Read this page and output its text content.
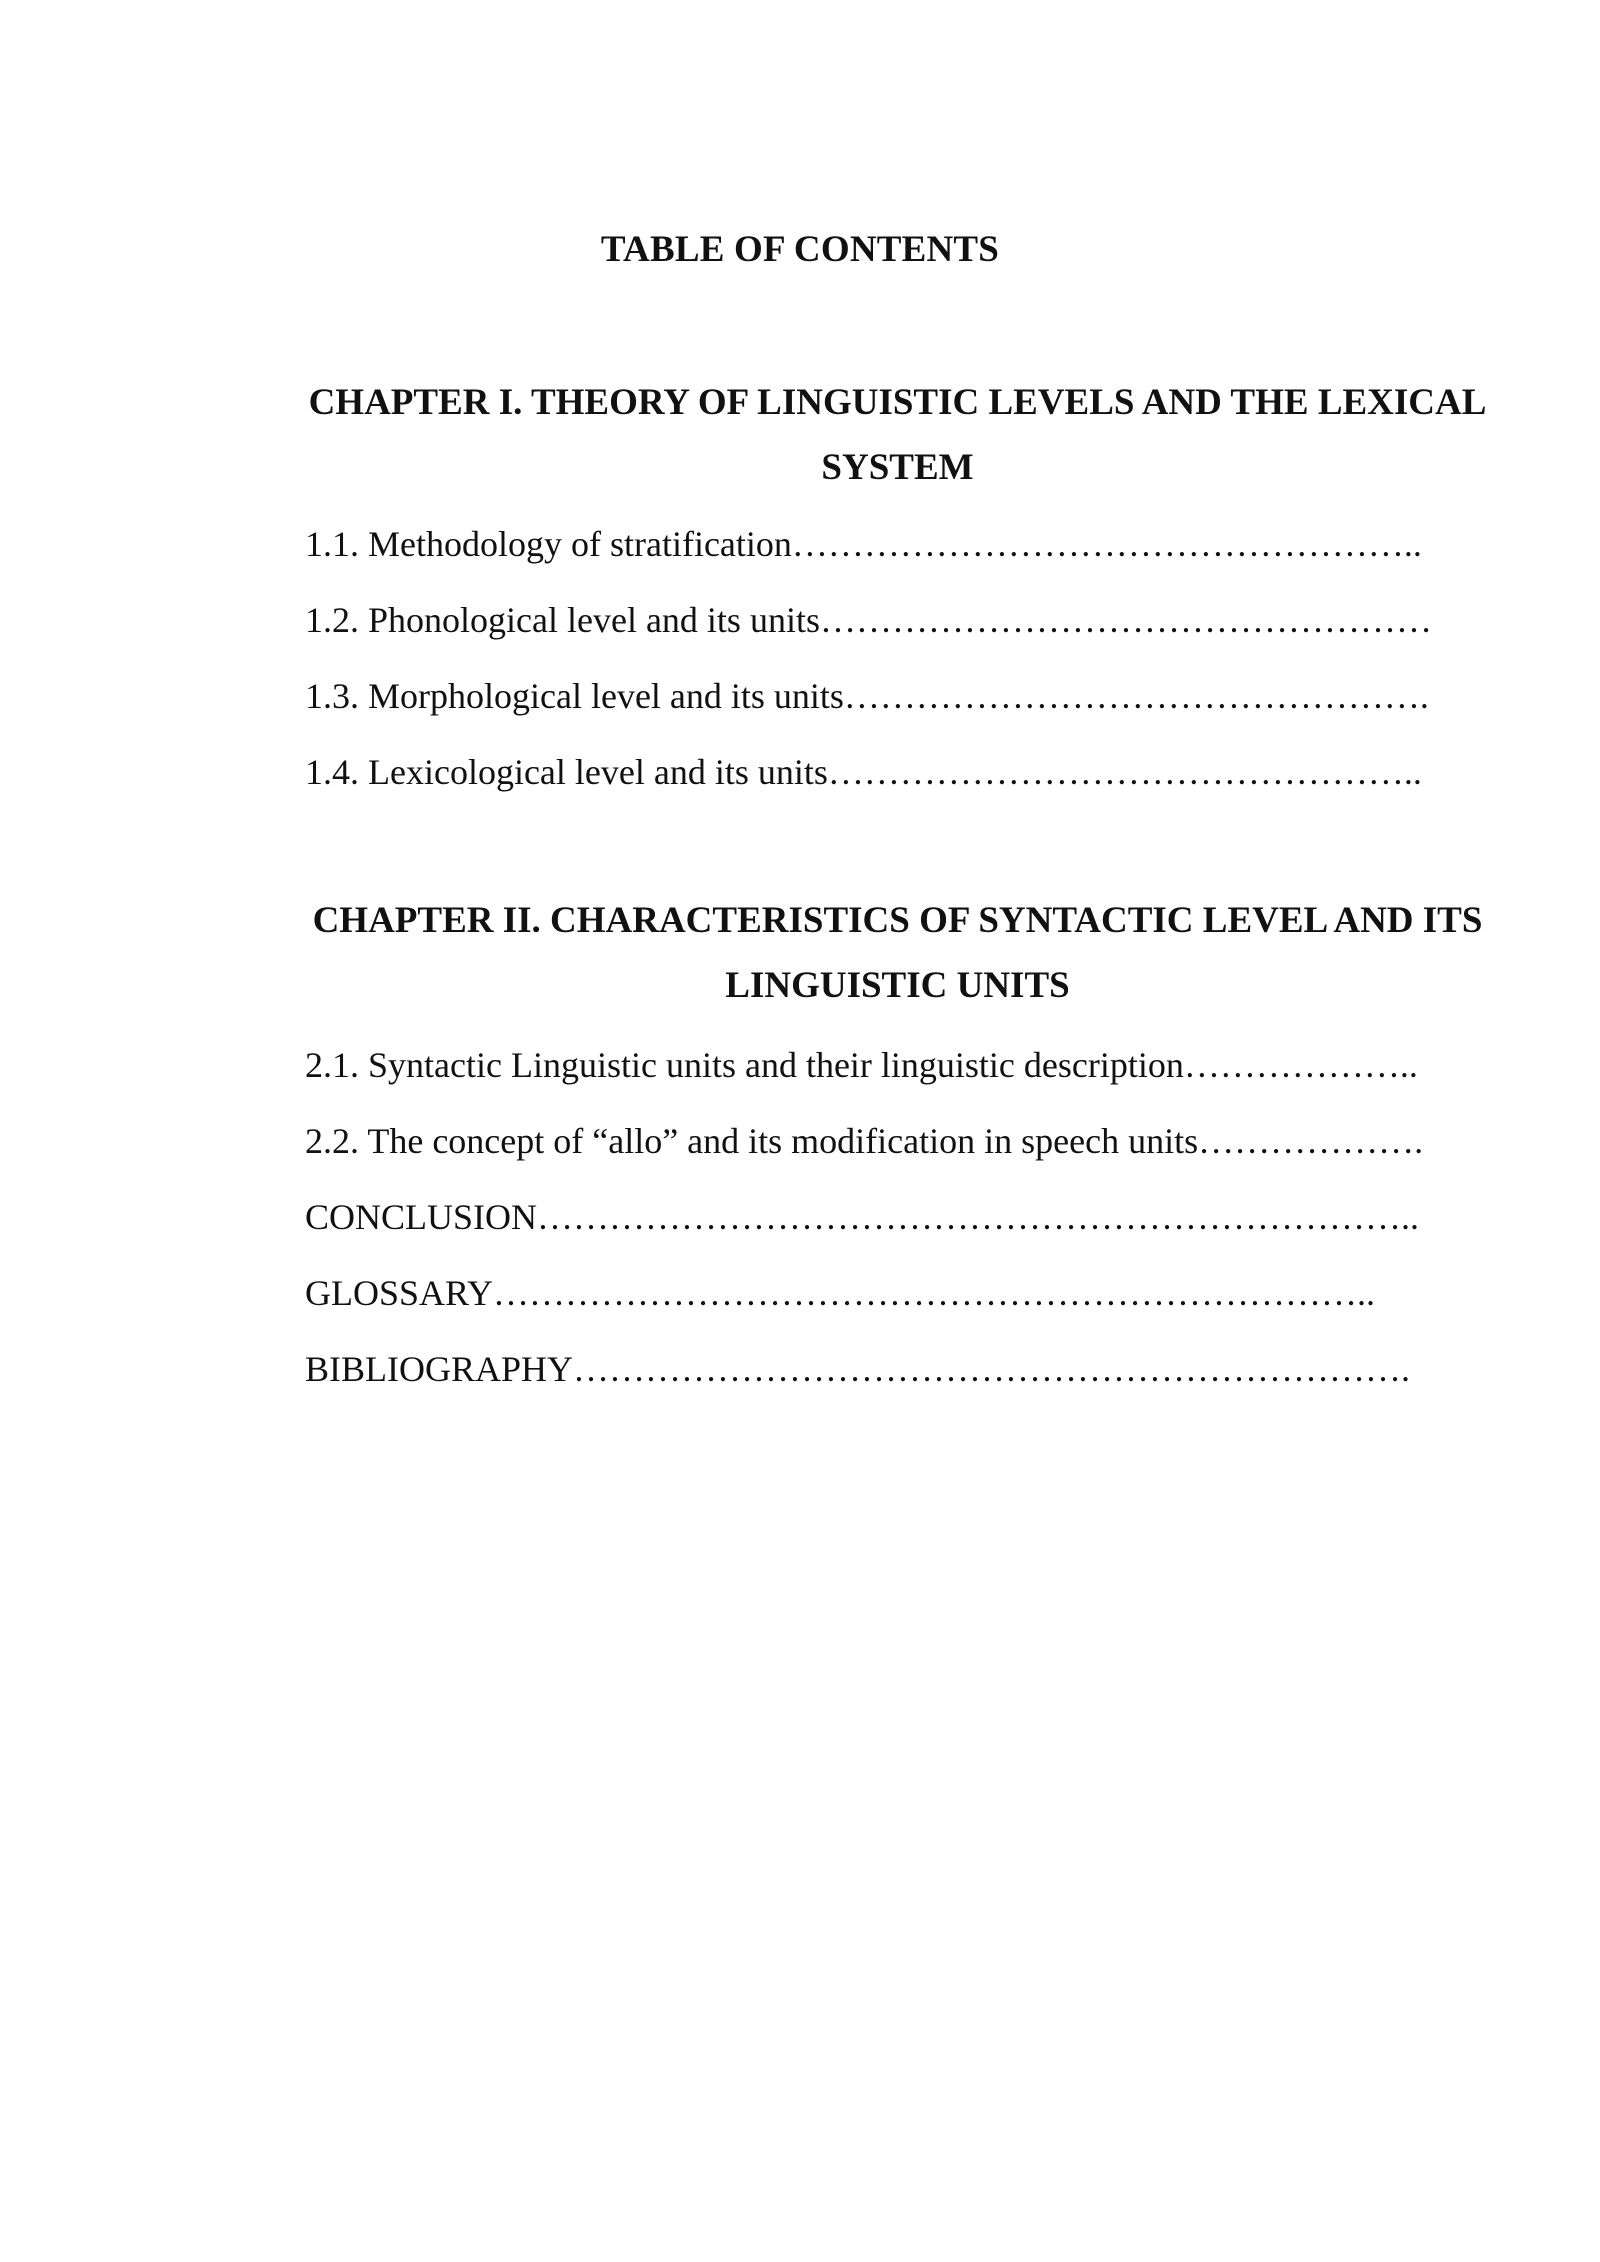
TABLE OF CONTENTS
CHAPTER I. THEORY OF LINGUISTIC LEVELS AND THE LEXICAL SYSTEM

1.1. Methodology of stratification……………………………………………..

1.2. Phonological level and its units……………………………………………

1.3. Morphological level and its units………………………………………….

1.4. Lexicological level and its units…………………………………………..

CHAPTER II. CHARACTERISTICS OF SYNTACTIC LEVEL AND ITS LINGUISTIC UNITS

2.1. Syntactic Linguistic units and their linguistic description………………..

2.2. The concept of “allo” and its modification in speech units……………….

CONCLUSION………………………………………………………………..

GLOSSARY………………………………………………………………..

BIBLIOGRAPHY…………………………………………………………….
